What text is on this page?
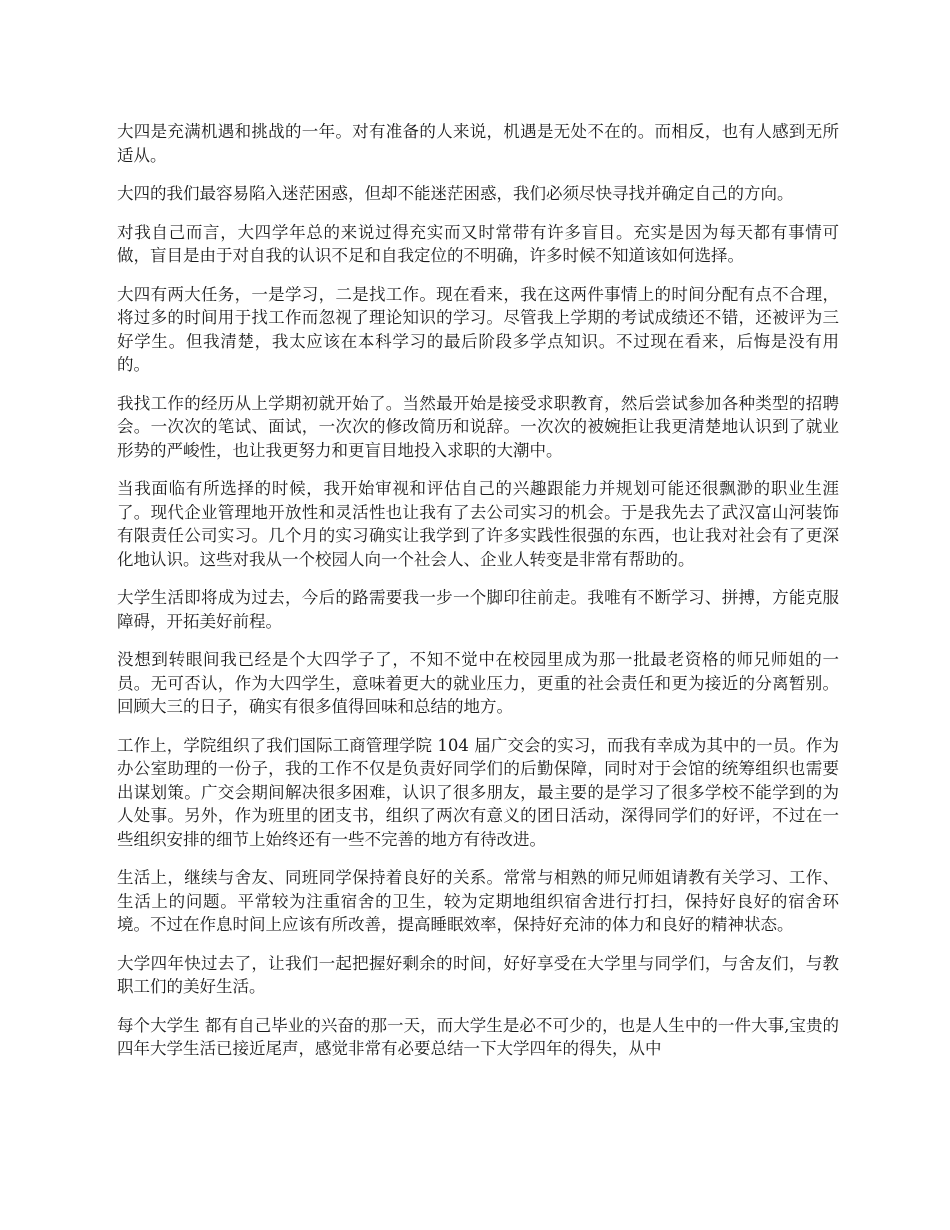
大四是充满机遇和挑战的一年。对有准备的人来说，机遇是无处不在的。而相反，也有人感到无所适从。

大四的我们最容易陷入迷茫困惑，但却不能迷茫困惑，我们必须尽快寻找并确定自己的方向。

对我自己而言，大四学年总的来说过得充实而又时常带有许多盲目。充实是因为每天都有事情可做，盲目是由于对自我的认识不足和自我定位的不明确，许多时候不知道该如何选择。

大四有两大任务，一是学习，二是找工作。现在看来，我在这两件事情上的时间分配有点不合理，将过多的时间用于找工作而忽视了理论知识的学习。尽管我上学期的考试成绩还不错，还被评为三好学生。但我清楚，我太应该在本科学习的最后阶段多学点知识。不过现在看来，后悔是没有用的。

我找工作的经历从上学期初就开始了。当然最开始是接受求职教育，然后尝试参加各种类型的招聘会。一次次的笔试、面试，一次次的修改简历和说辞。一次次的被婉拒让我更清楚地认识到了就业形势的严峻性，也让我更努力和更盲目地投入求职的大潮中。

当我面临有所选择的时候，我开始审视和评估自己的兴趣跟能力并规划可能还很飘渺的职业生涯了。现代企业管理地开放性和灵活性也让我有了去公司实习的机会。于是我先去了武汉富山河装饰有限责任公司实习。几个月的实习确实让我学到了许多实践性很强的东西，也让我对社会有了更深化地认识。这些对我从一个校园人向一个社会人、企业人转变是非常有帮助的。

大学生活即将成为过去，今后的路需要我一步一个脚印往前走。我唯有不断学习、拼搏，方能克服障碍，开拓美好前程。

没想到转眼间我已经是个大四学子了，不知不觉中在校园里成为那一批最老资格的师兄师姐的一员。无可否认，作为大四学生，意味着更大的就业压力，更重的社会责任和更为接近的分离暂别。回顾大三的日子，确实有很多值得回味和总结的地方。

工作上，学院组织了我们国际工商管理学院 104 届广交会的实习，而我有幸成为其中的一员。作为办公室助理的一份子，我的工作不仅是负责好同学们的后勤保障，同时对于会馆的统筹组织也需要出谋划策。广交会期间解决很多困难，认识了很多朋友，最主要的是学习了很多学校不能学到的为人处事。另外，作为班里的团支书，组织了两次有意义的团日活动，深得同学们的好评，不过在一些组织安排的细节上始终还有一些不完善的地方有待改进。

生活上，继续与舍友、同班同学保持着良好的关系。常常与相熟的师兄师姐请教有关学习、工作、生活上的问题。平常较为注重宿舍的卫生，较为定期地组织宿舍进行打扫，保持好良好的宿舍环境。不过在作息时间上应该有所改善，提高睡眠效率，保持好充沛的体力和良好的精神状态。

大学四年快过去了，让我们一起把握好剩余的时间，好好享受在大学里与同学们，与舍友们，与教职工们的美好生活。

每个大学生 都有自己毕业的兴奋的那一天，而大学生是必不可少的，也是人生中的一件大事,宝贵的四年大学生活已接近尾声，感觉非常有必要总结一下大学四年的得失，从中
